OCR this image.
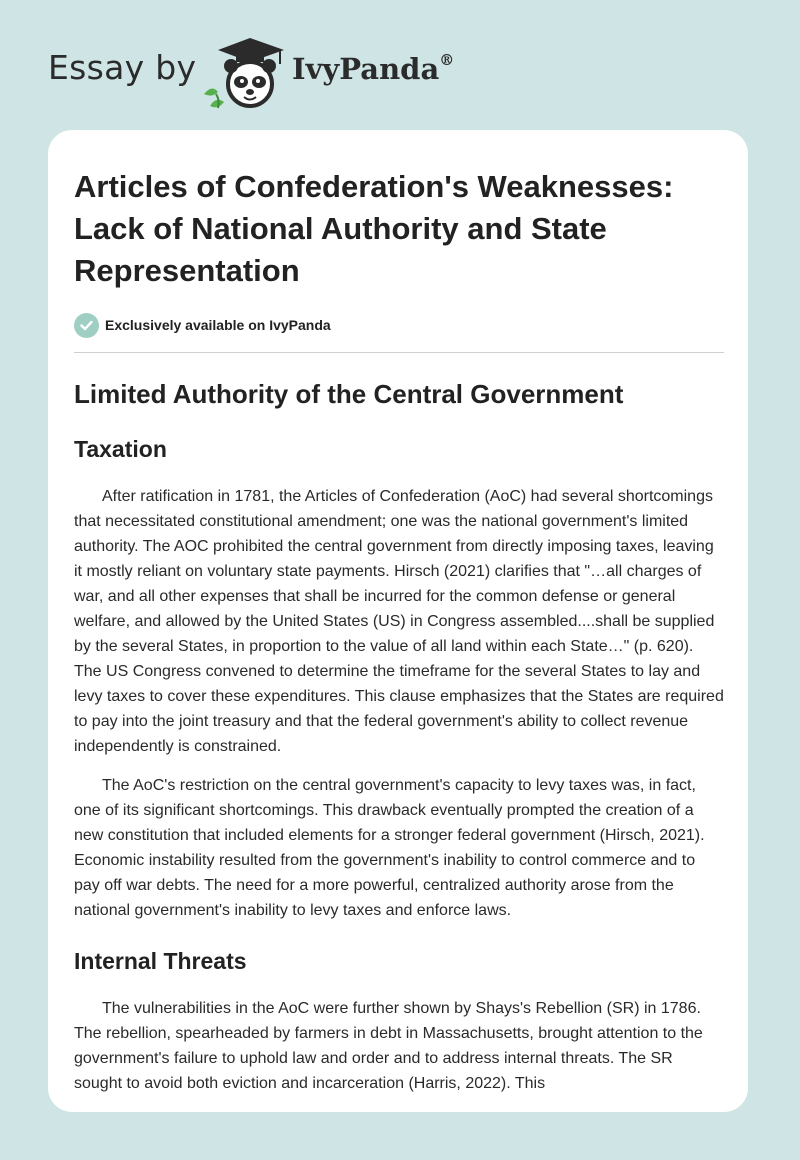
Essay by	IvyPanda®
Articles of Confederation's Weaknesses: Lack of National Authority and State Representation
Exclusively available on IvyPanda
Limited Authority of the Central Government
Taxation

After ratification in 1781, the Articles of Confederation (AoC) had several shortcomings that necessitated constitutional amendment; one was the national government's limited authority. The AOC prohibited the central government from directly imposing taxes, leaving it mostly reliant on voluntary state payments. Hirsch (2021) clarifies that "…all charges of war, and all other expenses that shall be incurred for the common defense or general welfare, and allowed by the United States (US) in Congress assembled....shall be supplied by the several States, in proportion to the value of all land within each State…" (p. 620). The US Congress convened to determine the timeframe for the several States to lay and levy taxes to cover these expenditures. This clause emphasizes that the States are required to pay into the joint treasury and that the federal government's ability to collect revenue independently is constrained.

The AoC's restriction on the central government's capacity to levy taxes was, in fact, one of its significant shortcomings. This drawback eventually prompted the creation of a new constitution that included elements for a stronger federal government (Hirsch, 2021). Economic instability resulted from the government's inability to control commerce and to pay off war debts. The need for a more powerful, centralized authority arose from the national government's inability to levy taxes and enforce laws.

Internal Threats

The vulnerabilities in the AoC were further shown by Shays's Rebellion (SR) in 1786. The rebellion, spearheaded by farmers in debt in Massachusetts, brought attention to the government's failure to uphold law and order and to address internal threats. The SR sought to avoid both eviction and incarceration (Harris, 2022). This
